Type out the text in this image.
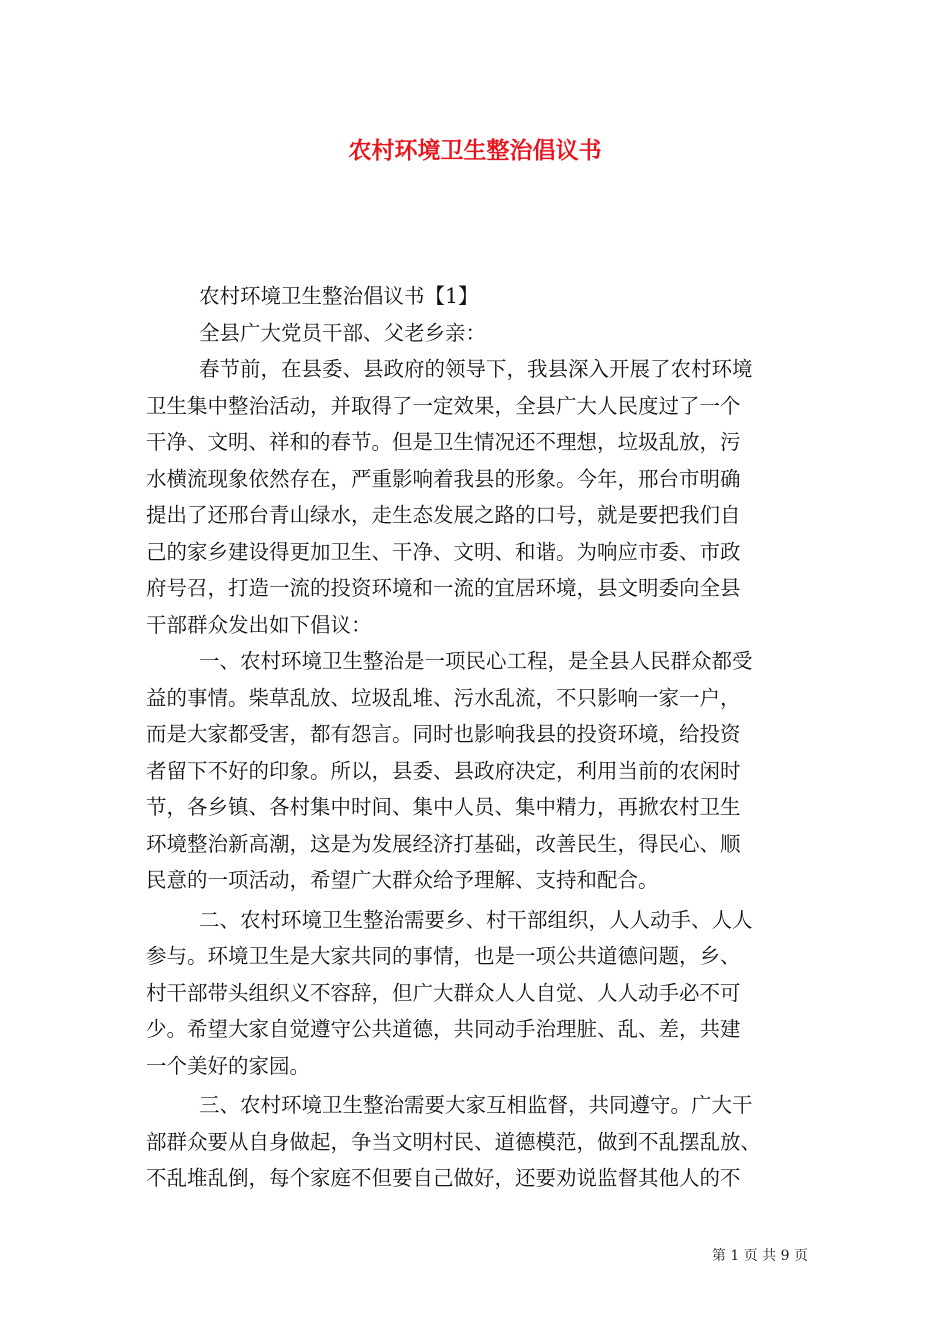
农村环境卫生整治倡议书
农村环境卫生整治倡议书【1】
全县广大党员干部、父老乡亲：
春节前，在县委、县政府的领导下，我县深入开展了农村环境
卫生集中整治活动，并取得了一定效果，全县广大人民度过了一个
干净、文明、祥和的春节。但是卫生情况还不理想，垃圾乱放，污
水横流现象依然存在，严重影响着我县的形象。今年，邢台市明确
提出了还邢台青山绿水，走生态发展之路的口号，就是要把我们自
己的家乡建设得更加卫生、干净、文明、和谐。为响应市委、市政
府号召，打造一流的投资环境和一流的宜居环境，县文明委向全县
干部群众发出如下倡议：
一、农村环境卫生整治是一项民心工程，是全县人民群众都受
益的事情。柴草乱放、垃圾乱堆、污水乱流，不只影响一家一户，
而是大家都受害，都有怨言。同时也影响我县的投资环境，给投资
者留下不好的印象。所以，县委、县政府决定，利用当前的农闲时
节，各乡镇、各村集中时间、集中人员、集中精力，再掀农村卫生
环境整治新高潮，这是为发展经济打基础，改善民生，得民心、顺
民意的一项活动，希望广大群众给予理解、支持和配合。
二、农村环境卫生整治需要乡、村干部组织，人人动手、人人
参与。环境卫生是大家共同的事情，也是一项公共道德问题，乡、
村干部带头组织义不容辞，但广大群众人人自觉、人人动手必不可
少。希望大家自觉遵守公共道德，共同动手治理脏、乱、差，共建
一个美好的家园。
三、农村环境卫生整治需要大家互相监督，共同遵守。广大干
部群众要从自身做起，争当文明村民、道德模范，做到不乱摆乱放、
不乱堆乱倒，每个家庭不但要自己做好，还要劝说监督其他人的不
第 1 页 共 9 页
